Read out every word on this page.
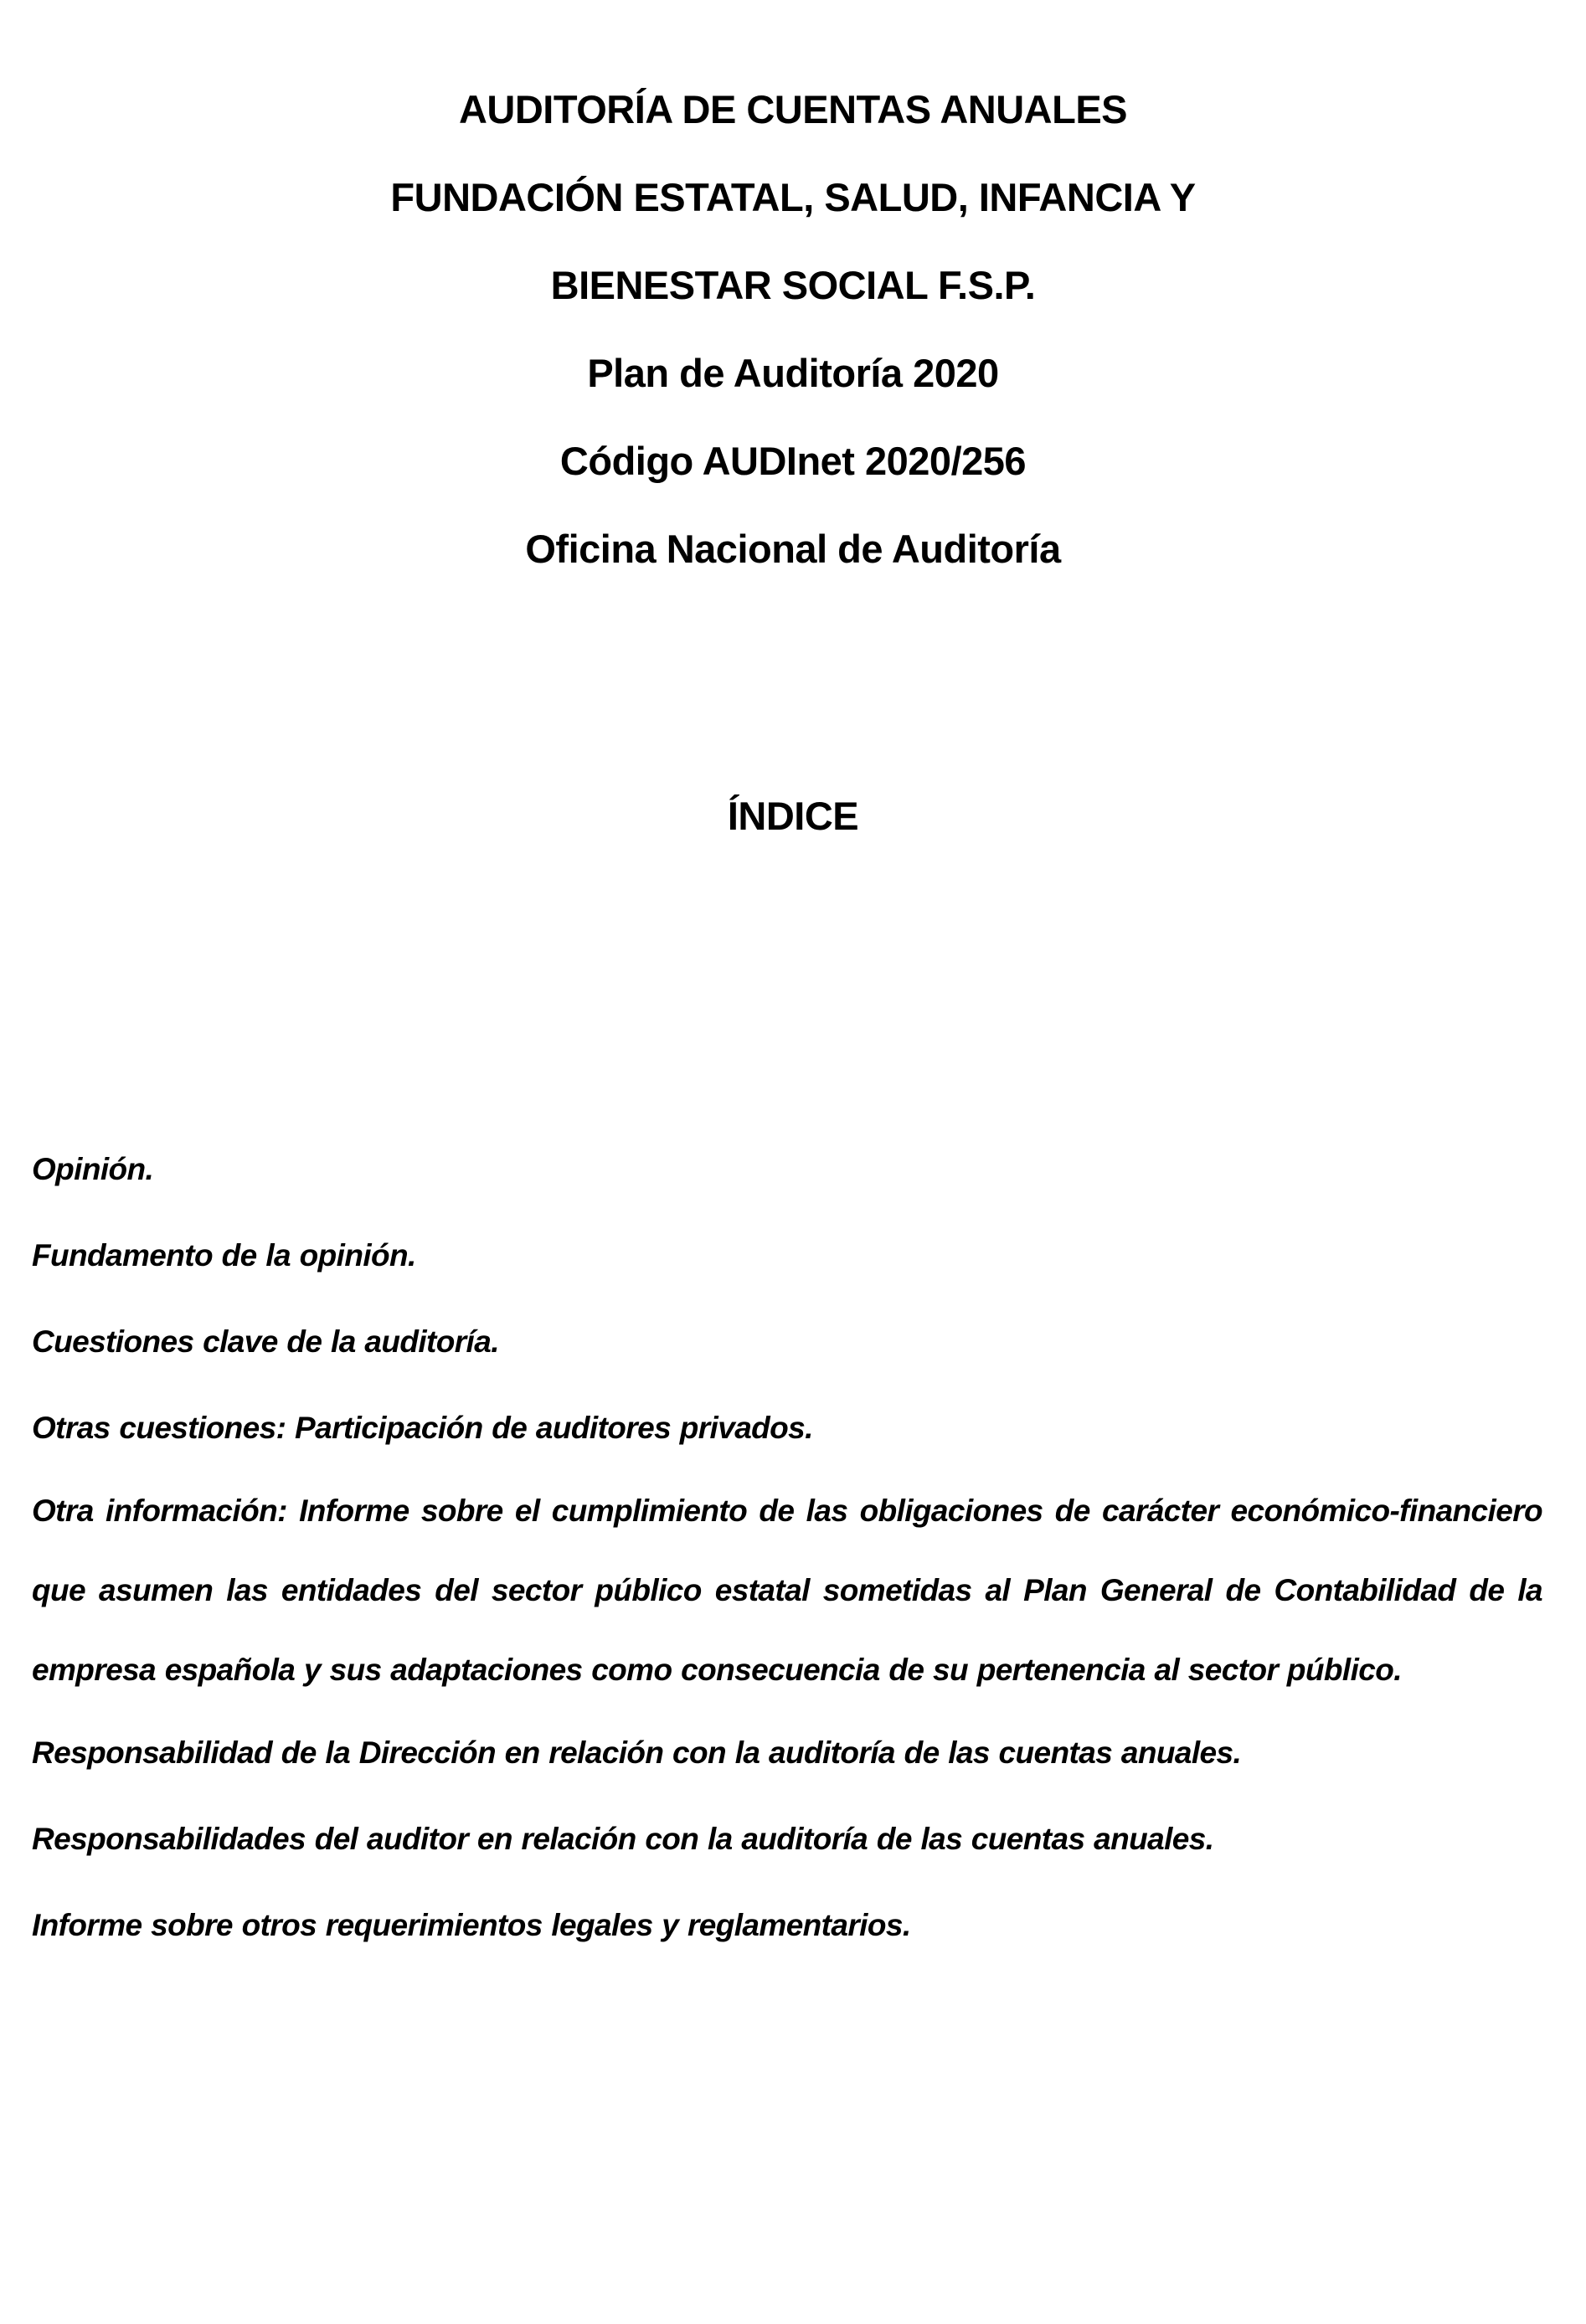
AUDITORÍA DE CUENTAS ANUALES
FUNDACIÓN ESTATAL, SALUD, INFANCIA Y
BIENESTAR SOCIAL F.S.P.
Plan de Auditoría 2020
Código AUDInet 2020/256
Oficina Nacional de Auditoría
ÍNDICE
Opinión.
Fundamento de la opinión.
Cuestiones clave de la auditoría.
Otras cuestiones: Participación de auditores privados.
Otra información: Informe sobre el cumplimiento de las obligaciones de carácter económico-financiero que asumen las entidades del sector público estatal sometidas al Plan General de Contabilidad de la empresa española y sus adaptaciones como consecuencia de su pertenencia al sector público.
Responsabilidad de la Dirección en relación con la auditoría de las cuentas anuales.
Responsabilidades del auditor en relación con la auditoría de las cuentas anuales.
Informe sobre otros requerimientos legales y reglamentarios.
